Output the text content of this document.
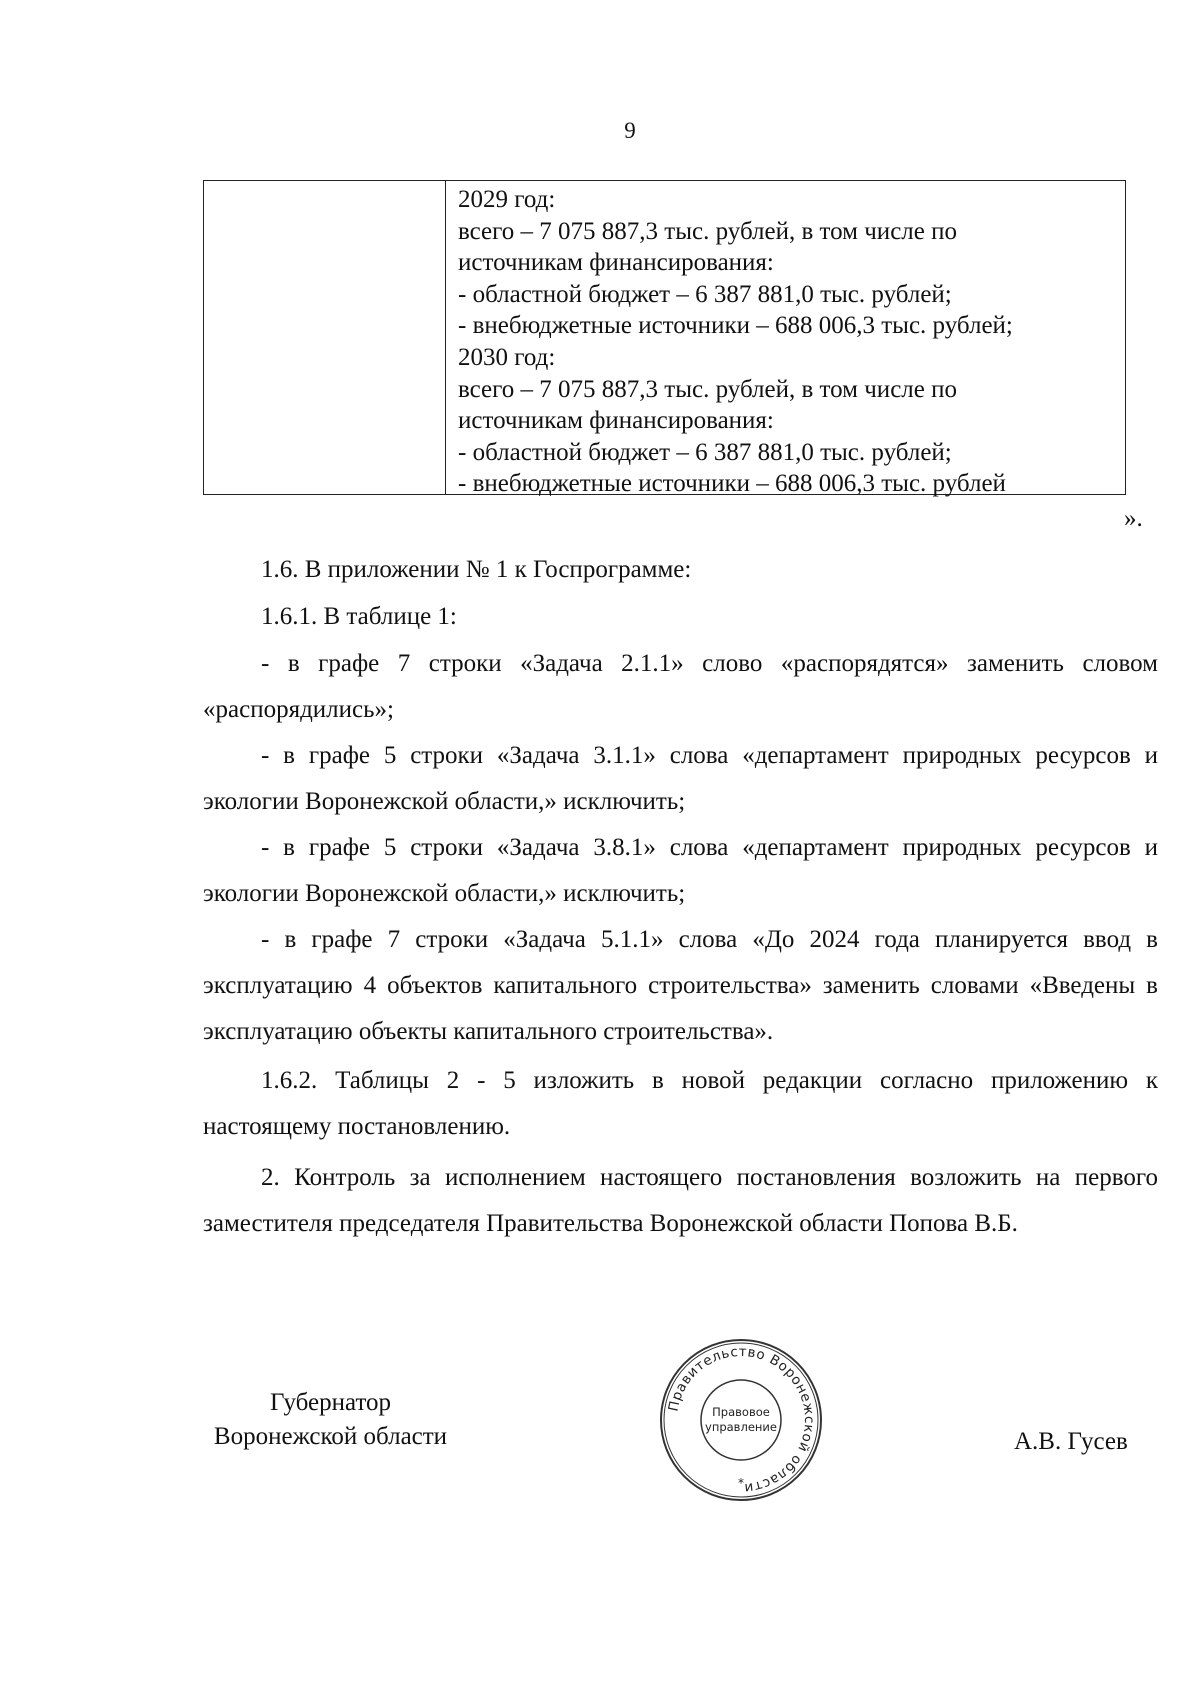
9
2029 год:
всего – 7 075 887,3 тыс. рублей, в том числе по
источникам финансирования:
- областной бюджет – 6 387 881,0 тыс. рублей;
- внебюджетные источники – 688 006,3 тыс. рублей;
2030 год:
всего – 7 075 887,3 тыс. рублей, в том числе по
источникам финансирования:
- областной бюджет – 6 387 881,0 тыс. рублей;
- внебюджетные источники – 688 006,3 тыс. рублей
».
1.6. В приложении № 1 к Госпрограмме:
1.6.1. В таблице 1:
- в графе 7 строки «Задача 2.1.1» слово «распорядятся» заменить словом «распорядились»;
- в графе 5 строки «Задача 3.1.1» слова «департамент природных ресурсов и экологии Воронежской области,» исключить;
- в графе 5 строки «Задача 3.8.1» слова «департамент природных ресурсов и экологии Воронежской области,» исключить;
- в графе 7 строки «Задача 5.1.1» слова «До 2024 года планируется ввод в эксплуатацию 4 объектов капитального строительства» заменить словами «Введены в эксплуатацию объекты капитального строительства».
1.6.2. Таблицы 2 - 5 изложить в новой редакции согласно приложению к настоящему постановлению.
2. Контроль за исполнением настоящего постановления возложить на первого заместителя председателя Правительства Воронежской области Попова В.Б.
Губернатор
Воронежской области
Правительство Воронежской области
Правовое
управление
*
А.В. Гусев
